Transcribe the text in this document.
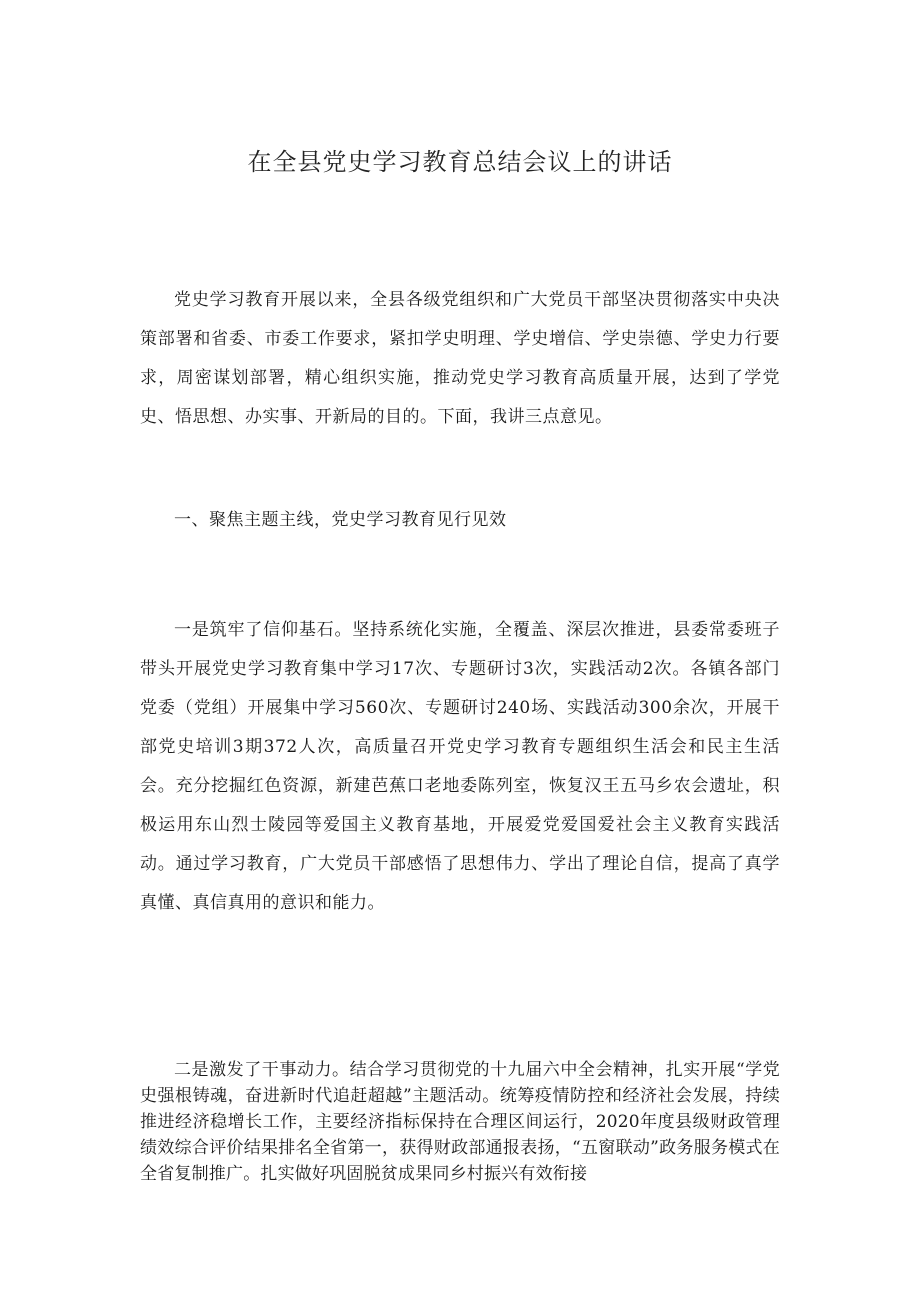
在全县党史学习教育总结会议上的讲话

党史学习教育开展以来，全县各级党组织和广大党员干部坚决贯彻落实中央决策部署和省委、市委工作要求，紧扣学史明理、学史增信、学史崇德、学史力行要求，周密谋划部署，精心组织实施，推动党史学习教育高质量开展，达到了学党史、悟思想、办实事、开新局的目的。下面，我讲三点意见。

一、聚焦主题主线，党史学习教育见行见效

一是筑牢了信仰基石。坚持系统化实施，全覆盖、深层次推进，县委常委班子带头开展党史学习教育集中学习17次、专题研讨3次，实践活动2次。各镇各部门党委（党组）开展集中学习560次、专题研讨240场、实践活动300余次，开展干部党史培训3期372人次，高质量召开党史学习教育专题组织生活会和民主生活会。充分挖掘红色资源，新建芭蕉口老地委陈列室，恢复汉王五马乡农会遗址，积极运用东山烈士陵园等爱国主义教育基地，开展爱党爱国爱社会主义教育实践活动。通过学习教育，广大党员干部感悟了思想伟力、学出了理论自信，提高了真学真懂、真信真用的意识和能力。

二是激发了干事动力。结合学习贯彻党的十九届六中全会精神，扎实开展“学党史强根铸魂，奋进新时代追赶超越”主题活动。统筹疫情防控和经济社会发展，持续推进经济稳增长工作，主要经济指标保持在合理区间运行，2020年度县级财政管理绩效综合评价结果排名全省第一，获得财政部通报表扬，“五窗联动”政务服务模式在全省复制推广。扎实做好巩固脱贫成果同乡村振兴有效衔接
